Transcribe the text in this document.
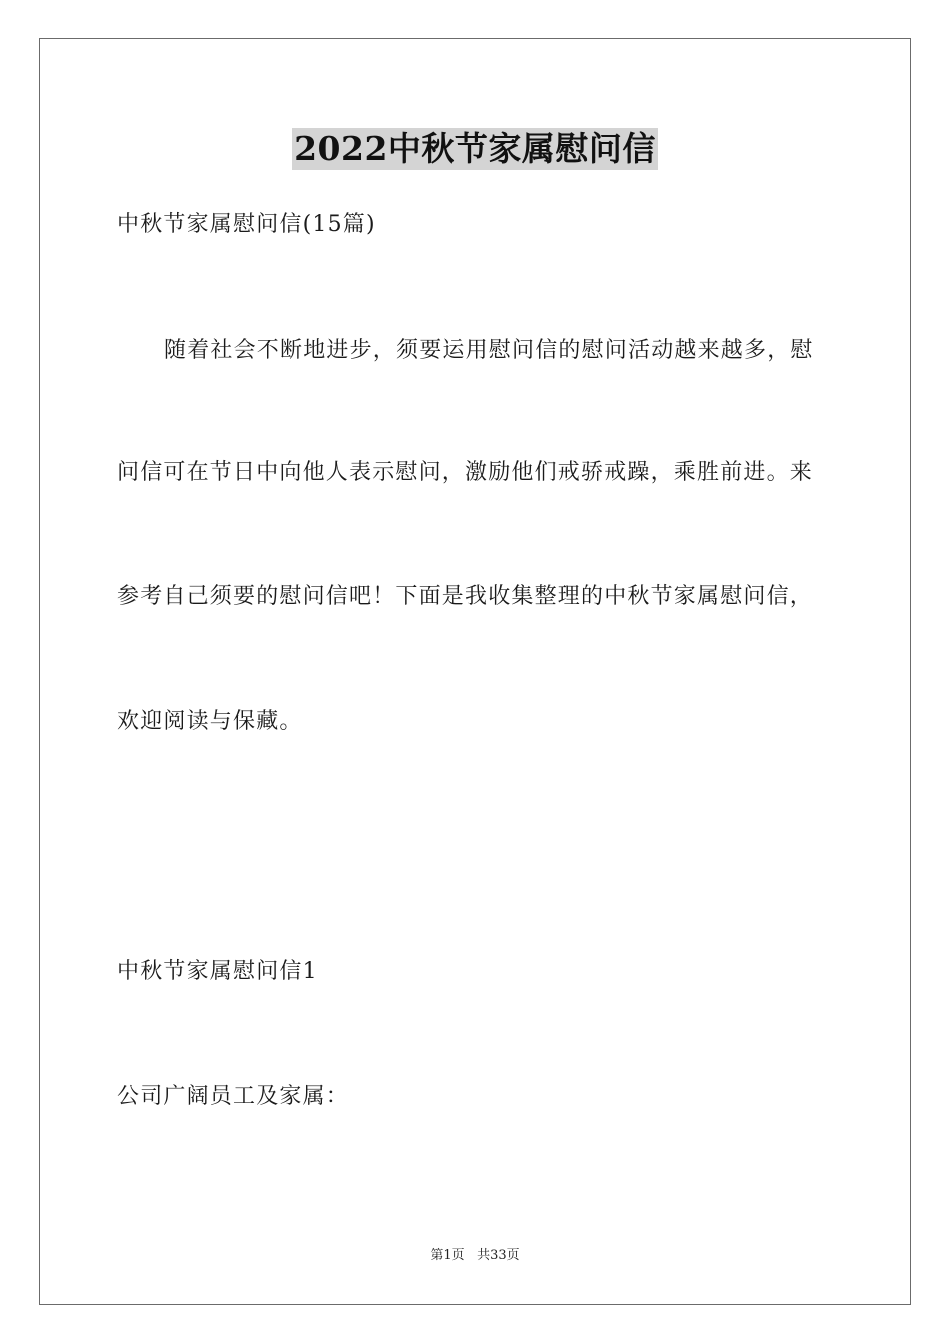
2022中秋节家属慰问信
中秋节家属慰问信(15篇)
随着社会不断地进步，须要运用慰问信的慰问活动越来越多，慰
问信可在节日中向他人表示慰问，激励他们戒骄戒躁，乘胜前进。来
参考自己须要的慰问信吧！下面是我收集整理的中秋节家属慰问信，
欢迎阅读与保藏。
中秋节家属慰问信1
公司广阔员工及家属：
第1页 共33页
